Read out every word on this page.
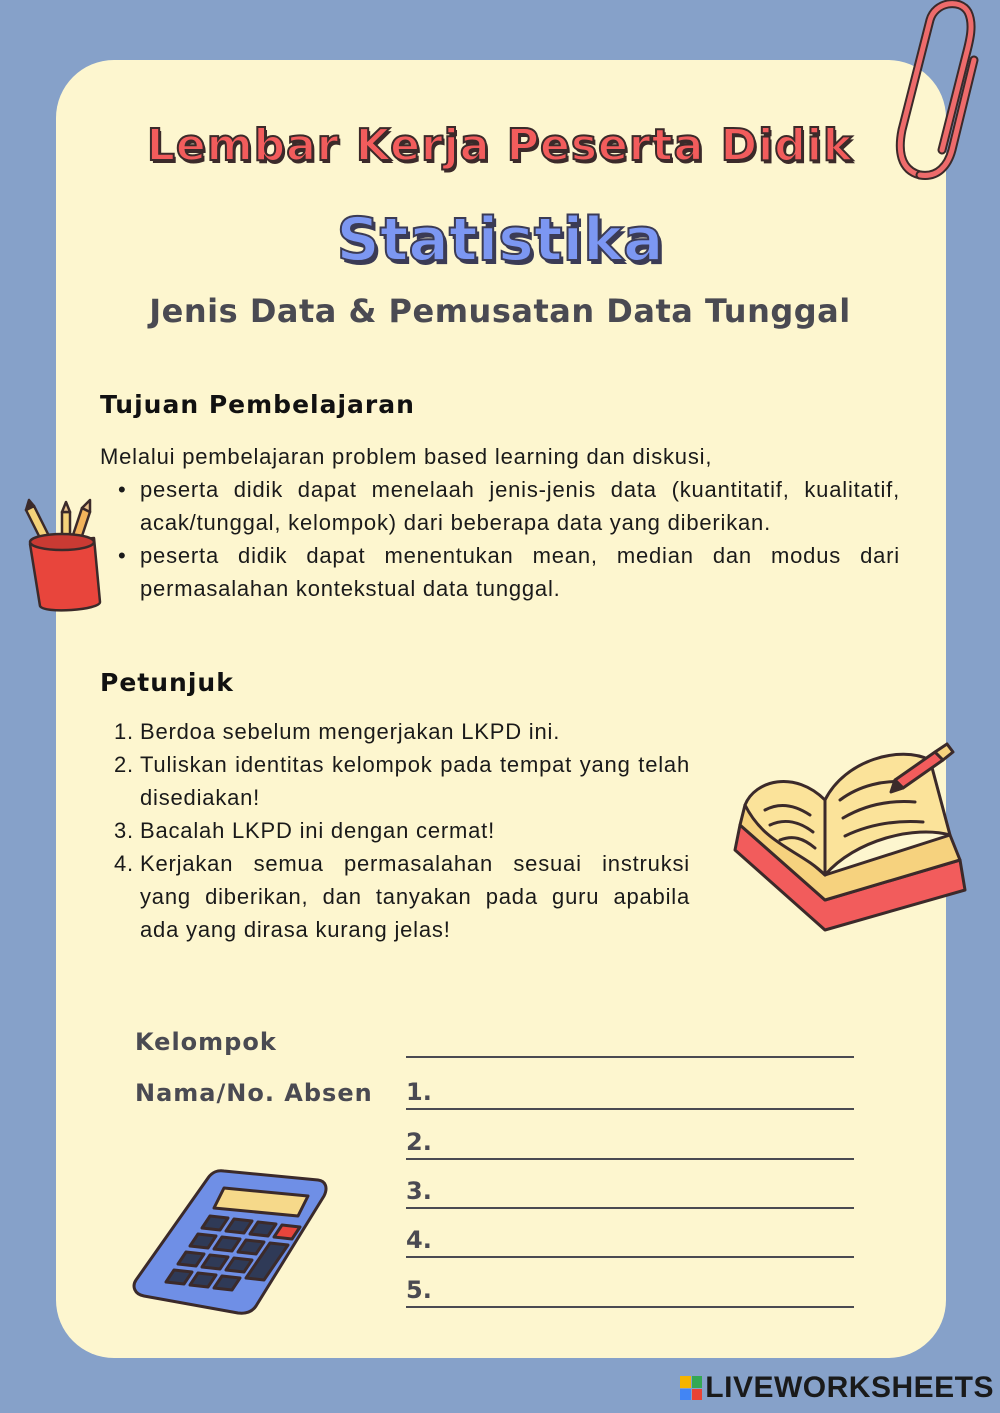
Lembar Kerja Peserta Didik
Statistika
Jenis Data & Pemusatan Data Tunggal
Tujuan Pembelajaran
Melalui pembelajaran problem based learning dan diskusi,
• peserta didik dapat menelaah jenis-jenis data (kuantitatif, kualitatif, acak/tunggal, kelompok) dari beberapa data yang diberikan.
• peserta didik dapat menentukan mean, median dan modus dari permasalahan kontekstual data tunggal.
Petunjuk
1. Berdoa sebelum mengerjakan LKPD ini.
2. Tuliskan identitas kelompok pada tempat yang telah disediakan!
3. Bacalah LKPD ini dengan cermat!
4. Kerjakan semua permasalahan sesuai instruksi yang diberikan, dan tanyakan pada guru apabila ada yang dirasa kurang jelas!
Kelompok
Nama/No. Absen 1.
2.
3.
4.
5.
LIVEWORKSHEETS
